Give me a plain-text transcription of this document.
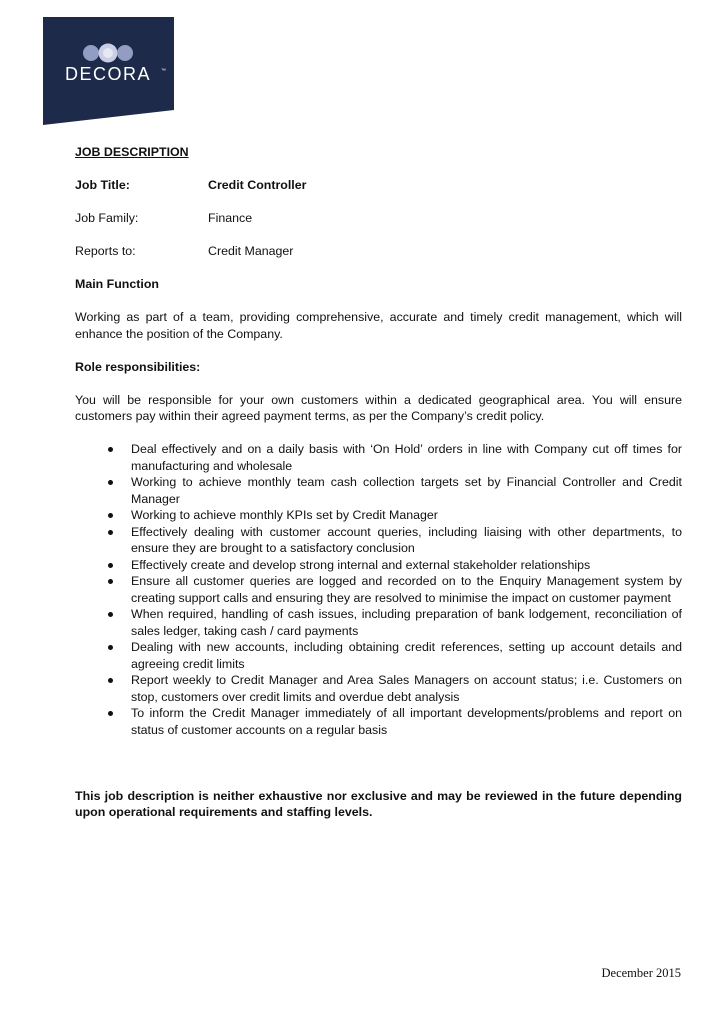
DECORA ™

JOB DESCRIPTION

Job Title:	Credit Controller
Job Family:	Finance
Reports to:	Credit Manager

Main Function

Working as part of a team, providing comprehensive, accurate and timely credit management, which will enhance the position of the Company.

Role responsibilities:

You will be responsible for your own customers within a dedicated geographical area. You will ensure customers pay within their agreed payment terms, as per the Company’s credit policy.

Deal effectively and on a daily basis with ‘On Hold’ orders in line with Company cut off times for manufacturing and wholesale
Working to achieve monthly team cash collection targets set by Financial Controller and Credit Manager
Working to achieve monthly KPIs set by Credit Manager
Effectively dealing with customer account queries, including liaising with other departments, to ensure they are brought to a satisfactory conclusion
Effectively create and develop strong internal and external stakeholder relationships
Ensure all customer queries are logged and recorded on to the Enquiry Management system by creating support calls and ensuring they are resolved to minimise the impact on customer payment
When required, handling of cash issues, including preparation of bank lodgement, reconciliation of sales ledger, taking cash / card payments
Dealing with new accounts, including obtaining credit references, setting up account details and agreeing credit limits
Report weekly to Credit Manager and Area Sales Managers on account status; i.e. Customers on stop, customers over credit limits and overdue debt analysis
To inform the Credit Manager immediately of all important developments/problems and report on status of customer accounts on a regular basis

This job description is neither exhaustive nor exclusive and may be reviewed in the future depending upon operational requirements and staffing levels.

December 2015
